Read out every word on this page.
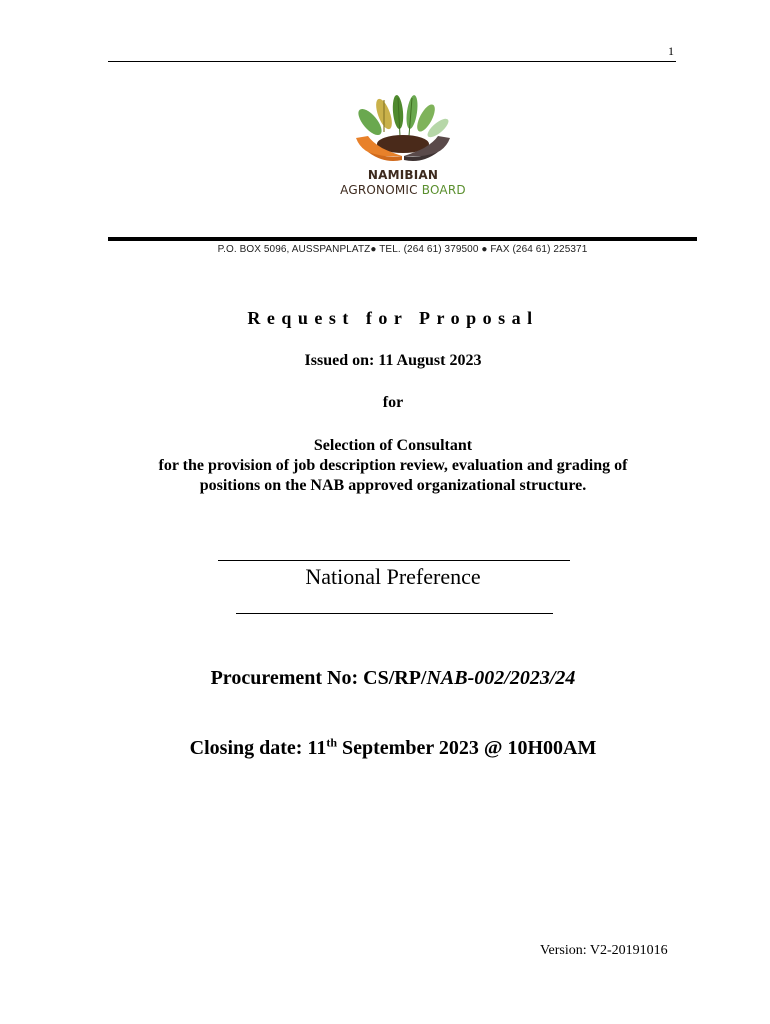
1
NAMIBIAN
AGRONOMIC BOARD
P.O. BOX 5096, AUSSPANPLATZ● TEL. (264 61) 379500 ● FAX (264 61) 225371
Request for Proposal
Issued on: 11 August 2023
for
Selection of Consultant
for the provision of job description review, evaluation and grading of
positions on the NAB approved organizational structure.
National Preference
Procurement No: CS/RP/NAB-002/2023/24
Closing date: 11th September 2023 @ 10H00AM
Version: V2-20191016
